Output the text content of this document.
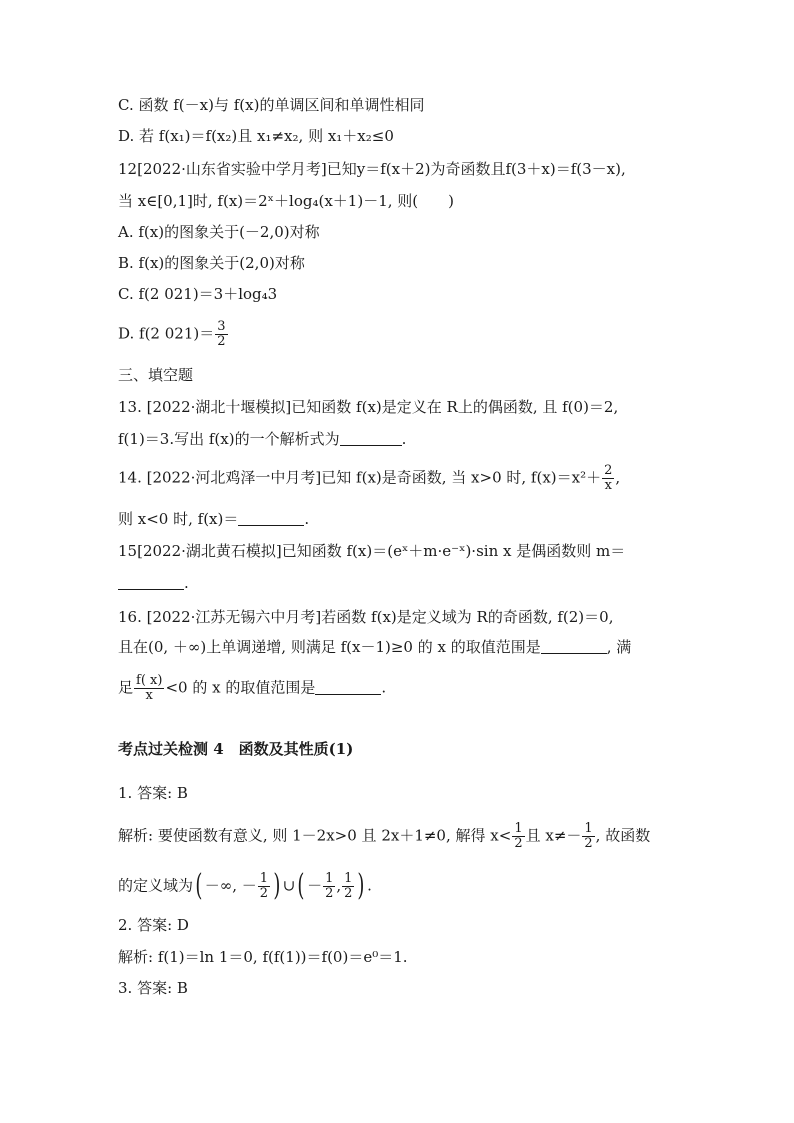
C. 函数 f(－x)与 f(x)的单调区间和单调性相同
D. 若 f(x₁)＝f(x₂)且 x₁≠x₂, 则 x₁＋x₂≤0
12[2022·山东省实验中学月考]已知y＝f(x＋2)为奇函数且f(3＋x)＝f(3－x),
当 x∈[0,1]时, f(x)＝2ˣ＋log₄(x＋1)－1, 则(　　)
A. f(x)的图象关于(－2,0)对称
B. f(x)的图象关于(2,0)对称
C. f(2 021)＝3＋log₄3
D. f(2 $021)= \frac{3}{2}$
三、填空题
13. [2022·湖北十堰模拟]已知函数 f(x)是定义在 R上的偶函数, 且 f(0)＝2,
f(1)＝3.写出 f(x)的一个解析式为	.
14. [2022·河北鸡泽一中月考]已知 f(x)是奇函数, 当 x>0 时, $f(x)=x^2+ \frac{2}{x}$ ,
则 x<0 时, f(x)＝	.
15[2022·湖北黄石模拟]已知函数 f(x)＝(eˣ＋m·e⁻ˣ)·sin x 是偶函数则 m＝
.
16. [2022·江苏无锡六中月考]若函数 f(x)是定义域为 R的奇函数, f(2)＝0,
且在(0, ＋∞)上单调递增, 则满足 f(x－1)≥0 的 x 的取值范围是	, 满
足 $\frac{f( x)}{x} <0$ 的 x 的取值范围是	.
考点过关检测 4　函数及其性质(1)
1. 答案: B
解析: 要使函数有意义, 则 1－2x>0 且 2x＋1≠0, 解得 $x< \frac{1}{2}$ 且 $x\ne- \frac{1}{2}$ , 故函数
的定义域为( －∞, － $\frac{1}{2}$ ) ∪( － $\frac{1}{2}$ , $\frac{1}{2}$ ) .
2. 答案: D
解析: f(1)＝ln 1＝0, f(f(1))＝f(0)＝e⁰＝1.
3. 答案: B
